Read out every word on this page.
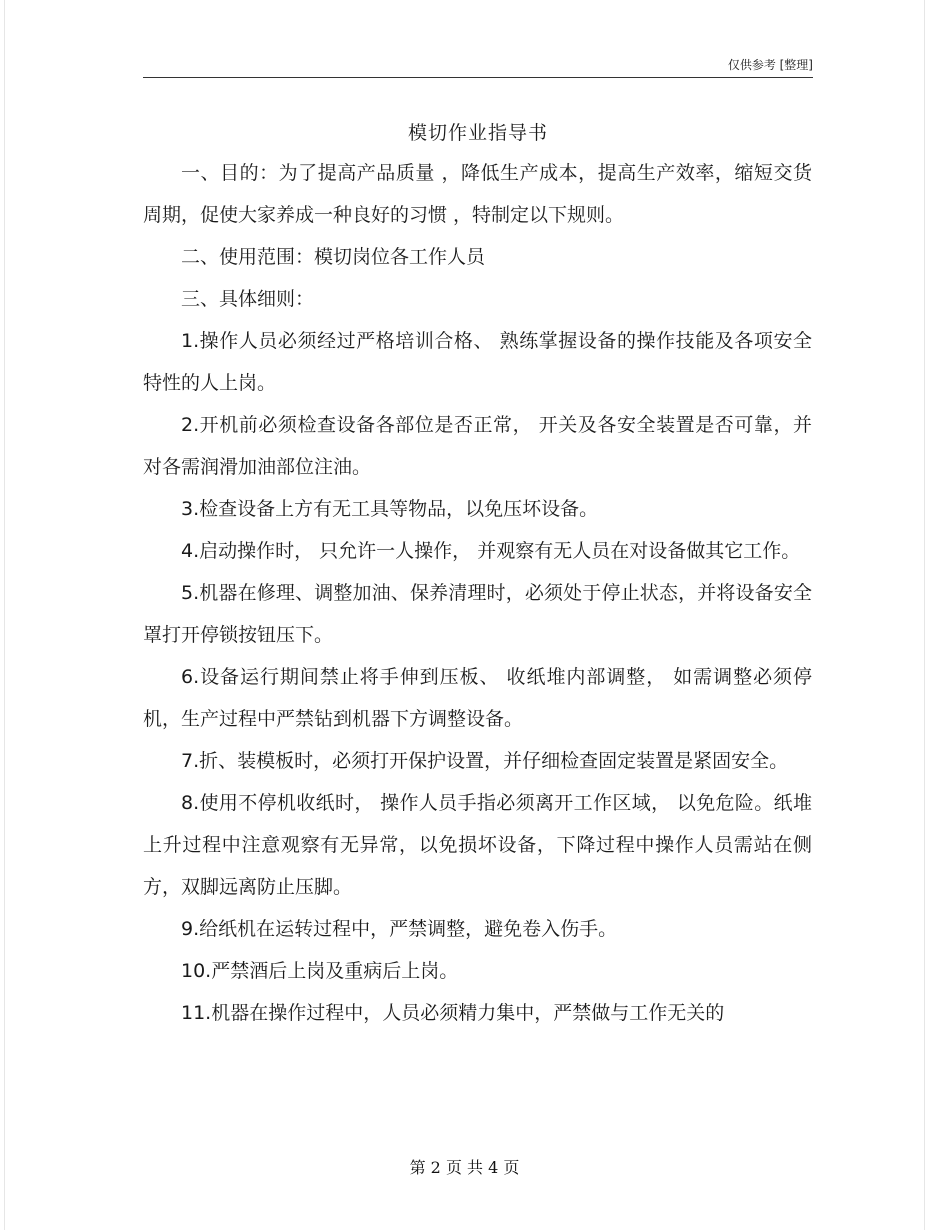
仅供参考 [整理]
模切作业指导书

一、目的：为了提高产品质量 ，降低生产成本，提高生产效率，缩短交货周期，促使大家养成一种良好的习惯 ，特制定以下规则。

二、使用范围：模切岗位各工作人员

三、具体细则：

1.操作人员必须经过严格培训合格、 熟练掌握设备的操作技能及各项安全特性的人上岗。

2.开机前必须检查设备各部位是否正常， 开关及各安全装置是否可靠，并对各需润滑加油部位注油。

3.检查设备上方有无工具等物品，以免压坏设备。

4.启动操作时， 只允许一人操作， 并观察有无人员在对设备做其它工作。

5.机器在修理、调整加油、保养清理时，必须处于停止状态，并将设备安全罩打开停锁按钮压下。

6.设备运行期间禁止将手伸到压板、 收纸堆内部调整， 如需调整必须停机，生产过程中严禁钻到机器下方调整设备。

7.折、装模板时，必须打开保护设置，并仔细检查固定装置是紧固安全。

8.使用不停机收纸时， 操作人员手指必须离开工作区域， 以免危险。纸堆上升过程中注意观察有无异常，以免损坏设备，下降过程中操作人员需站在侧方，双脚远离防止压脚。

9.给纸机在运转过程中，严禁调整，避免卷入伤手。

10.严禁酒后上岗及重病后上岗。

11.机器在操作过程中，人员必须精力集中，严禁做与工作无关的

第 2 页 共 4 页
